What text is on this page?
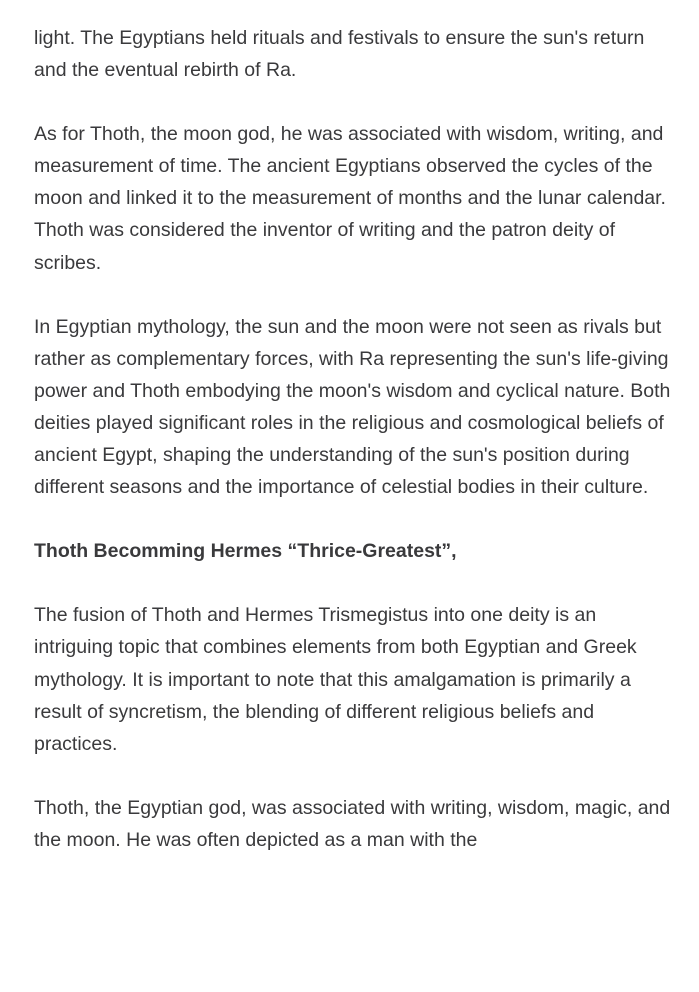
light. The Egyptians held rituals and festivals to ensure the sun's return and the eventual rebirth of Ra.

As for Thoth, the moon god, he was associated with wisdom, writing, and measurement of time. The ancient Egyptians observed the cycles of the moon and linked it to the measurement of months and the lunar calendar. Thoth was considered the inventor of writing and the patron deity of scribes.

In Egyptian mythology, the sun and the moon were not seen as rivals but rather as complementary forces, with Ra representing the sun's life-giving power and Thoth embodying the moon's wisdom and cyclical nature. Both deities played significant roles in the religious and cosmological beliefs of ancient Egypt, shaping the understanding of the sun's position during different seasons and the importance of celestial bodies in their culture.

Thoth Becomming Hermes “Thrice-Greatest”,

The fusion of Thoth and Hermes Trismegistus into one deity is an intriguing topic that combines elements from both Egyptian and Greek mythology. It is important to note that this amalgamation is primarily a result of syncretism, the blending of different religious beliefs and practices.

Thoth, the Egyptian god, was associated with writing, wisdom, magic, and the moon. He was often depicted as a man with the
